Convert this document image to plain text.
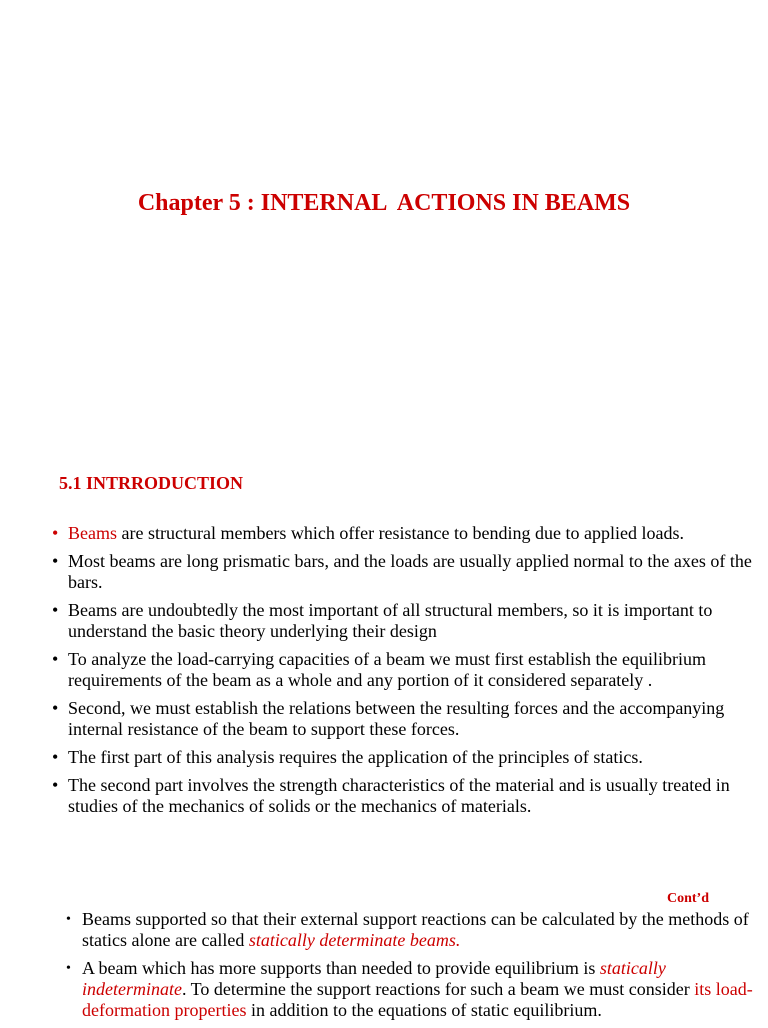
Chapter 5 : INTERNAL  ACTIONS IN BEAMS
5.1 INTRRODUCTION
• Beams are structural members which offer resistance to bending due to applied loads.
• Most beams are long prismatic bars, and the loads are usually applied normal to the axes of the bars.
• Beams are undoubtedly the most important of all structural members, so it is important to understand the basic theory underlying their design
• To analyze the load-carrying capacities of a beam we must first establish the equilibrium requirements of the beam as a whole and any portion of it considered separately .
• Second, we must establish the relations between the resulting forces and the accompanying internal resistance of the beam to support these forces.
• The first part of this analysis requires the application of the principles of statics.
• The second part involves the strength characteristics of the material and is usually treated in studies of the mechanics of solids or the mechanics of materials.
Cont’d
• Beams supported so that their external support reactions can be calculated by the methods of statics alone are called statically determinate beams.
• A beam which has more supports than needed to provide equilibrium is statically indeterminate. To determine the support reactions for such a beam we must consider its load-deformation properties in addition to the equations of static equilibrium.
